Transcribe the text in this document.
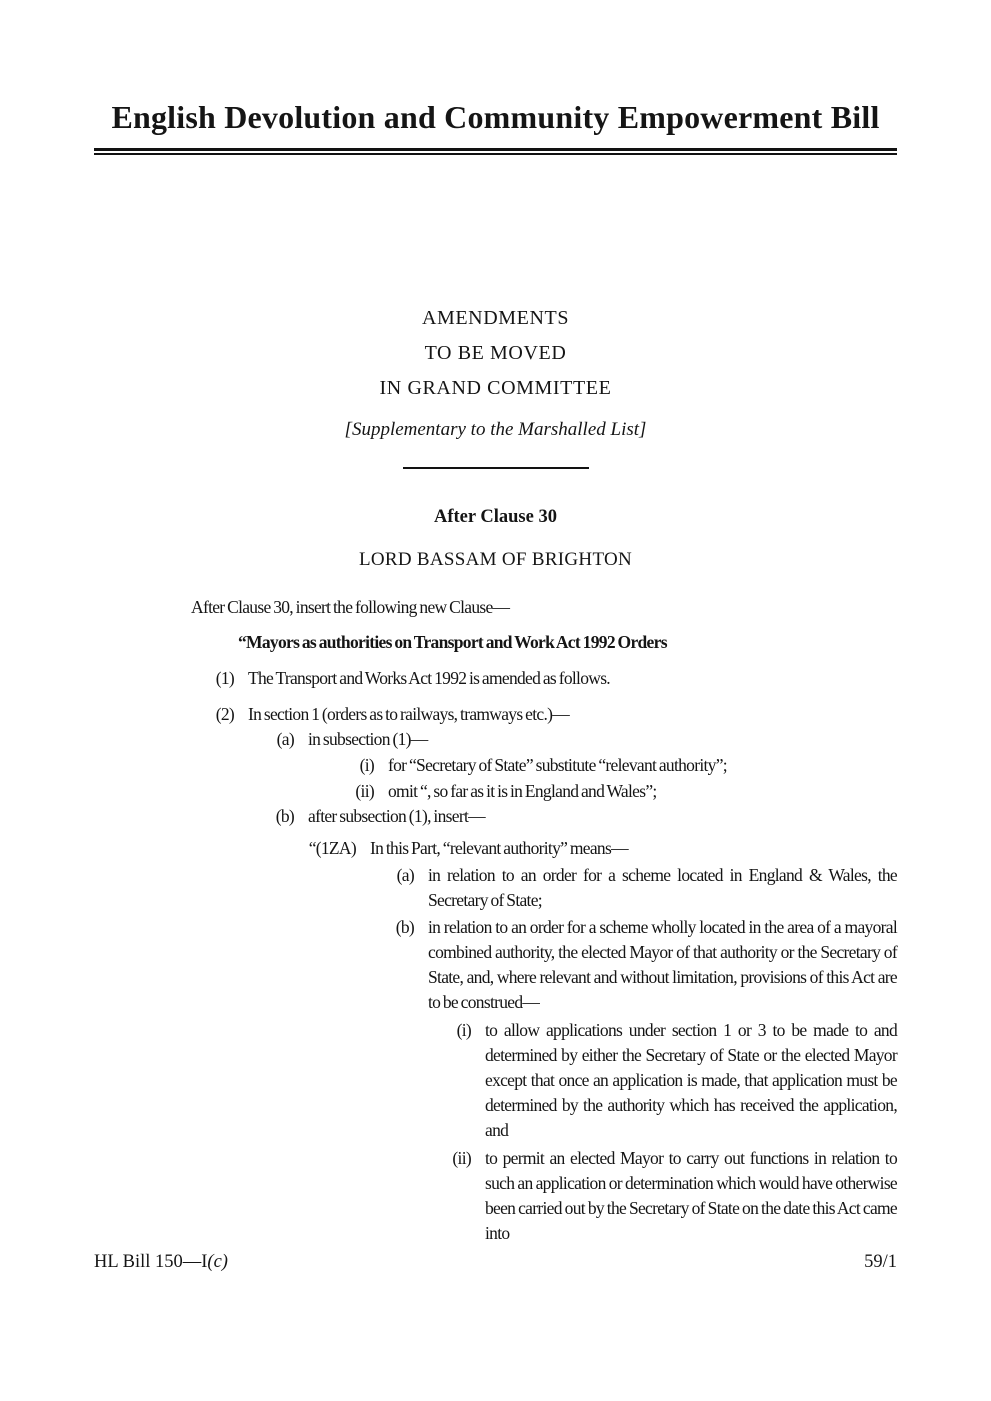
English Devolution and Community Empowerment Bill
AMENDMENTS
TO BE MOVED
IN GRAND COMMITTEE
[Supplementary to the Marshalled List]
After Clause 30
LORD BASSAM OF BRIGHTON
After Clause 30, insert the following new Clause—
“Mayors as authorities on Transport and Work Act 1992 Orders
(1) The Transport and Works Act 1992 is amended as follows.
(2) In section 1 (orders as to railways, tramways etc.)—
(a) in subsection (1)—
(i) for “Secretary of State” substitute “relevant authority”;
(ii) omit “, so far as it is in England and Wales”;
(b) after subsection (1), insert—
“(1ZA) In this Part, “relevant authority” means—
(a) in relation to an order for a scheme located in England & Wales, the Secretary of State;
(b) in relation to an order for a scheme wholly located in the area of a mayoral combined authority, the elected Mayor of that authority or the Secretary of State, and, where relevant and without limitation, provisions of this Act are to be construed—
(i) to allow applications under section 1 or 3 to be made to and determined by either the Secretary of State or the elected Mayor except that once an application is made, that application must be determined by the authority which has received the application, and
(ii) to permit an elected Mayor to carry out functions in relation to such an application or determination which would have otherwise been carried out by the Secretary of State on the date this Act came into
HL Bill 150—I(c)	59/1
